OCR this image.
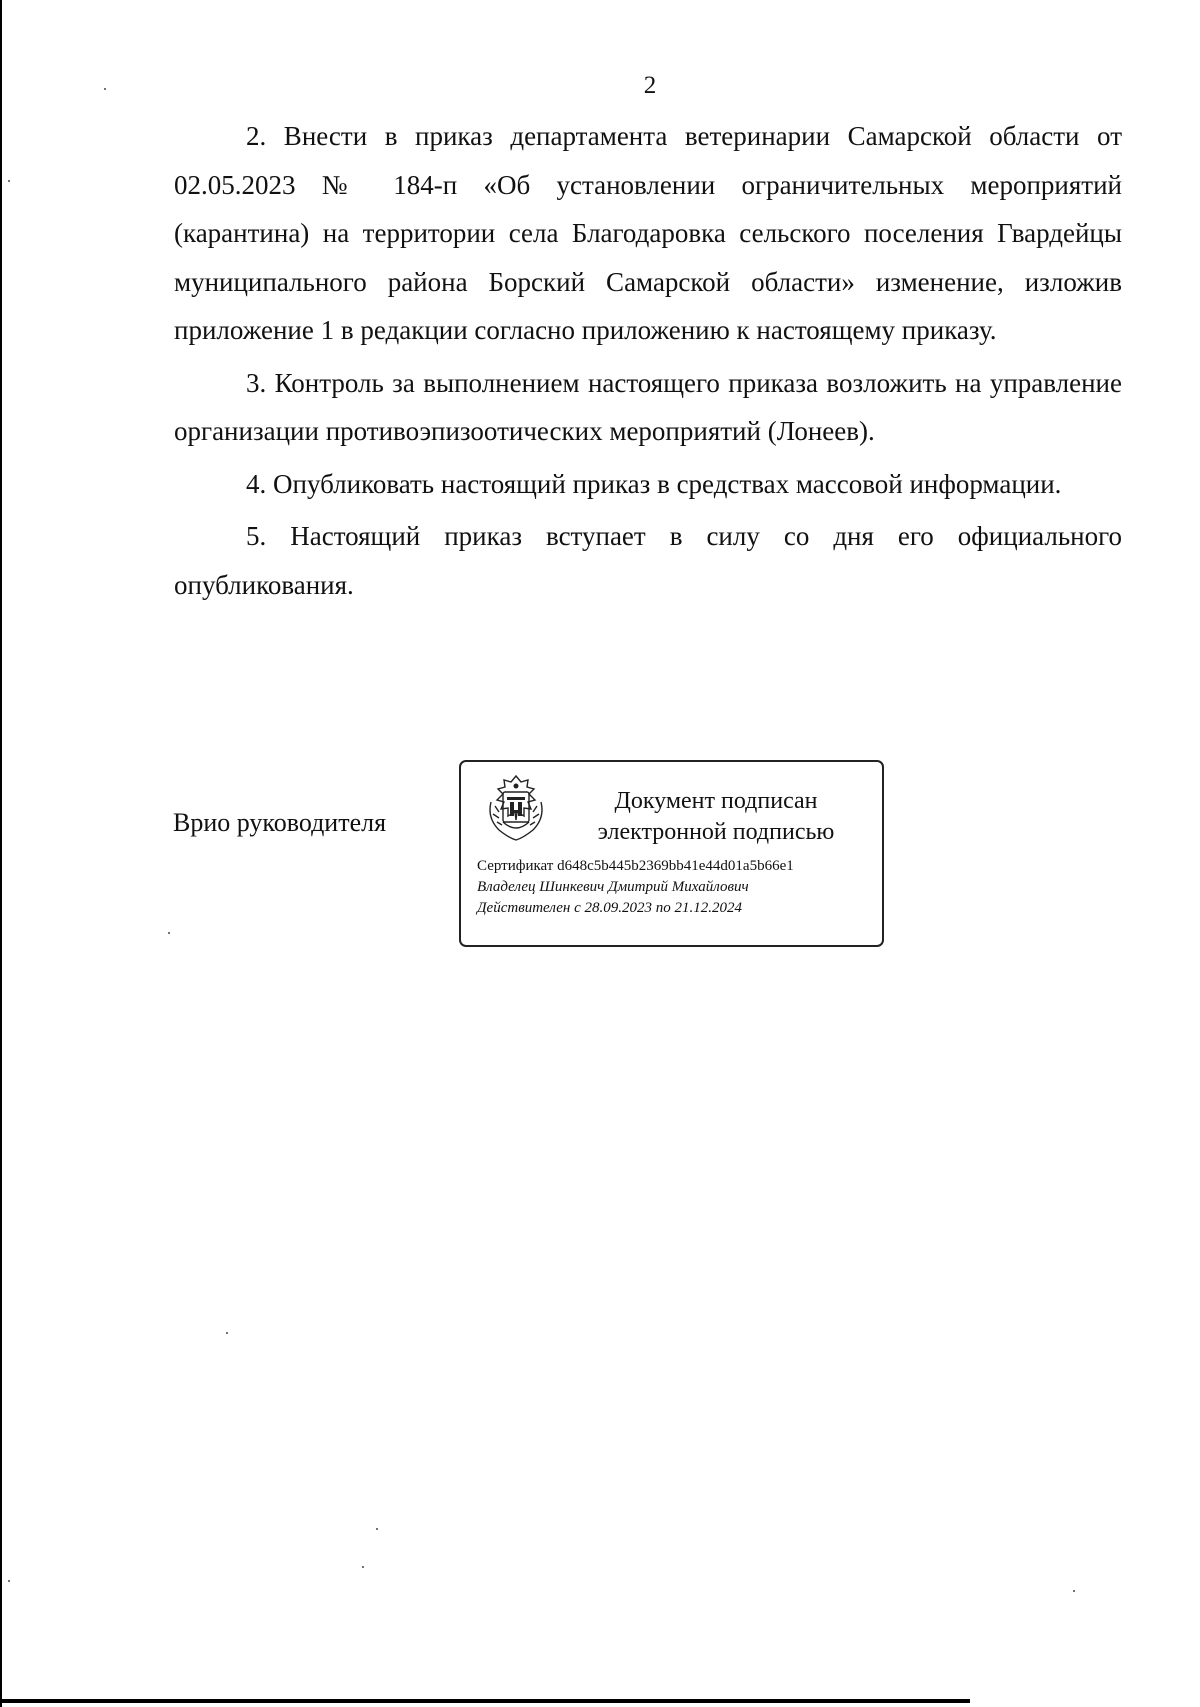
2

2. Внести в приказ департамента ветеринарии Самарской области от 02.05.2023 № 184-п «Об установлении ограничительных мероприятий (карантина) на территории села Благодаровка сельского поселения Гвардейцы муниципального района Борский Самарской области» изменение, изложив приложение 1 в редакции согласно приложению к настоящему приказу.

3. Контроль за выполнением настоящего приказа возложить на управление организации противоэпизоотических мероприятий (Лонеев).

4. Опубликовать настоящий приказ в средствах массовой информации.

5. Настоящий приказ вступает в силу со дня его официального опубликования.

Врио руководителя
Документ подписан
электронной подписью
Сертификат d648c5b445b2369bb41e44d01a5b66e1
Владелец Шинкевич Дмитрий Михайлович
Действителен с 28.09.2023 по 21.12.2024
